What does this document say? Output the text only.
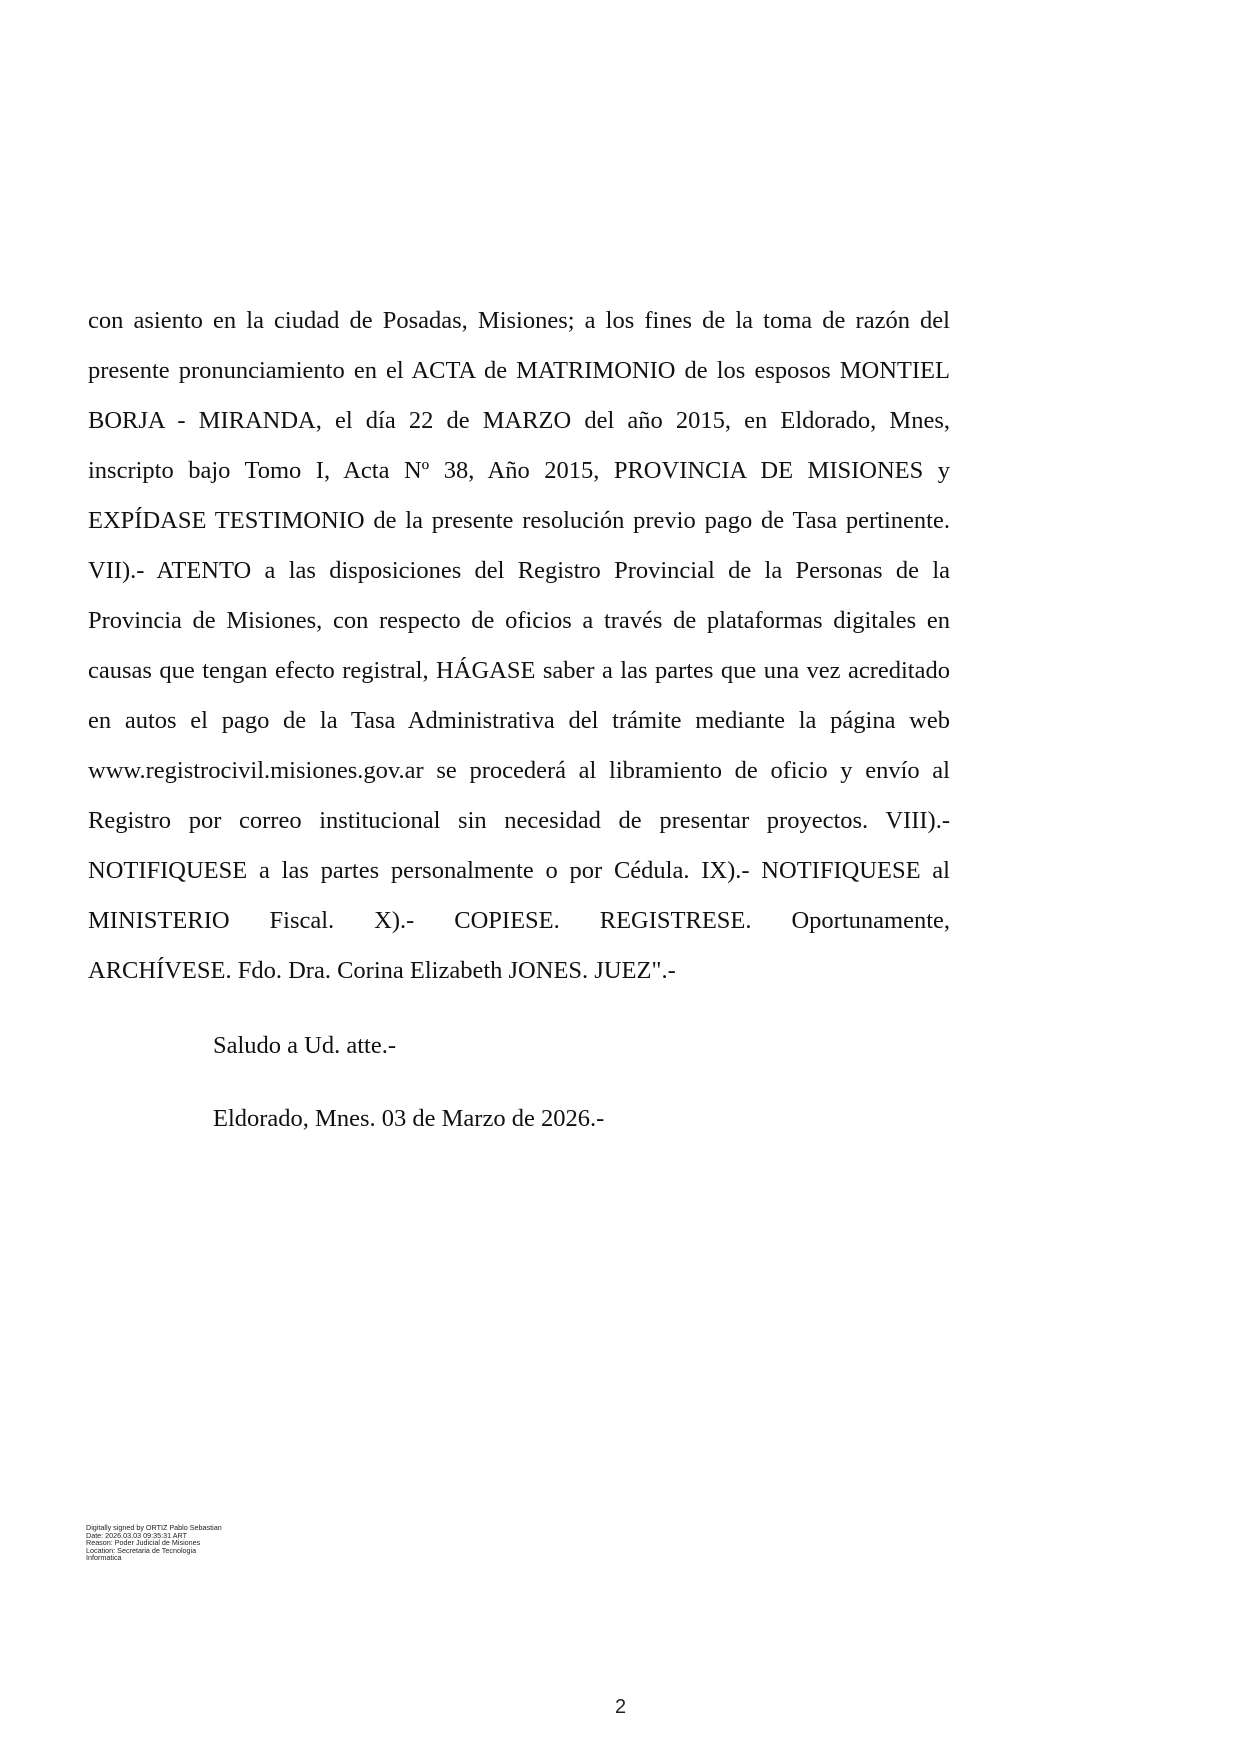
con asiento en la ciudad de Posadas, Misiones; a los fines de la toma de razón del
presente pronunciamiento en el ACTA de MATRIMONIO de los esposos MONTIEL
BORJA - MIRANDA, el día 22 de MARZO del año 2015, en Eldorado, Mnes,
inscripto bajo Tomo I, Acta Nº 38, Año 2015, PROVINCIA DE MISIONES y
EXPÍDASE TESTIMONIO de la presente resolución previo pago de Tasa pertinente.
VII).- ATENTO a las disposiciones del Registro Provincial de la Personas de la
Provincia de Misiones, con respecto de oficios a través de plataformas digitales en
causas que tengan efecto registral, HÁGASE saber a las partes que una vez acreditado
en autos el pago de la Tasa Administrativa del trámite mediante la página web
www.registrocivil.misiones.gov.ar se procederá al libramiento de oficio y envío al
Registro por correo institucional sin necesidad de presentar proyectos. VIII).-
NOTIFIQUESE a las partes personalmente o por Cédula. IX).- NOTIFIQUESE al
MINISTERIO Fiscal. X).- COPIESE. REGISTRESE. Oportunamente,
ARCHÍVESE. Fdo. Dra. Corina Elizabeth JONES. JUEZ".-
Saludo a Ud. atte.-
Eldorado, Mnes. 03 de Marzo de 2026.-
Digitally signed by ORTIZ Pablo Sebastian
Date: 2026.03.03 09:35:31 ART
Reason: Poder Judicial de Misiones
Location: Secretaria de Tecnologia
Informatica
2
